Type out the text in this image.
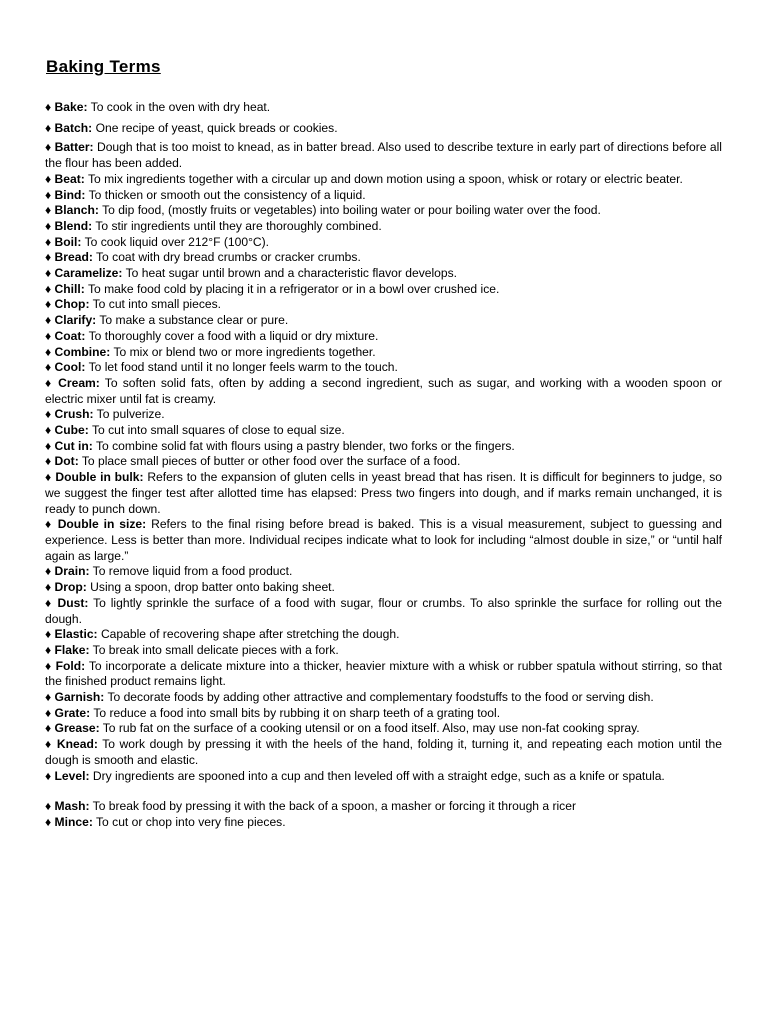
Baking Terms

♦ Bake: To cook in the oven with dry heat.

♦ Batch: One recipe of yeast, quick breads or cookies.

♦ Batter: Dough that is too moist to knead, as in batter bread. Also used to describe texture in early part of directions before all the flour has been added.

♦ Beat: To mix ingredients together with a circular up and down motion using a spoon, whisk or rotary or electric beater.

♦ Bind: To thicken or smooth out the consistency of a liquid.

♦ Blanch: To dip food, (mostly fruits or vegetables) into boiling water or pour boiling water over the food.

♦ Blend: To stir ingredients until they are thoroughly combined.

♦ Boil: To cook liquid over 212°F (100°C).

♦ Bread: To coat with dry bread crumbs or cracker crumbs.

♦ Caramelize: To heat sugar until brown and a characteristic flavor develops.

♦ Chill: To make food cold by placing it in a refrigerator or in a bowl over crushed ice.

♦ Chop: To cut into small pieces.

♦ Clarify: To make a substance clear or pure.

♦ Coat: To thoroughly cover a food with a liquid or dry mixture.

♦ Combine: To mix or blend two or more ingredients together.

♦ Cool: To let food stand until it no longer feels warm to the touch.

♦ Cream: To soften solid fats, often by adding a second ingredient, such as sugar, and working with a wooden spoon or electric mixer until fat is creamy.

♦ Crush: To pulverize.

♦ Cube: To cut into small squares of close to equal size.

♦ Cut in: To combine solid fat with flours using a pastry blender, two forks or the fingers.

♦ Dot: To place small pieces of butter or other food over the surface of a food.

♦ Double in bulk: Refers to the expansion of gluten cells in yeast bread that has risen. It is difficult for beginners to judge, so we suggest the finger test after allotted time has elapsed: Press two fingers into dough, and if marks remain unchanged, it is ready to punch down.

♦ Double in size: Refers to the final rising before bread is baked. This is a visual measurement, subject to guessing and experience. Less is better than more. Individual recipes indicate what to look for including “almost double in size,” or “until half again as large.”

♦ Drain: To remove liquid from a food product.

♦ Drop: Using a spoon, drop batter onto baking sheet.

♦ Dust: To lightly sprinkle the surface of a food with sugar, flour or crumbs. To also sprinkle the surface for rolling out the dough.

♦ Elastic: Capable of recovering shape after stretching the dough.

♦ Flake: To break into small delicate pieces with a fork.

♦ Fold: To incorporate a delicate mixture into a thicker, heavier mixture with a whisk or rubber spatula without stirring, so that the finished product remains light.

♦ Garnish: To decorate foods by adding other attractive and complementary foodstuffs to the food or serving dish.

♦ Grate: To reduce a food into small bits by rubbing it on sharp teeth of a grating tool.

♦ Grease: To rub fat on the surface of a cooking utensil or on a food itself. Also, may use non-fat cooking spray.

♦ Knead: To work dough by pressing it with the heels of the hand, folding it, turning it, and repeating each motion until the dough is smooth and elastic.

♦ Level: Dry ingredients are spooned into a cup and then leveled off with a straight edge, such as a knife or spatula.

♦ Mash: To break food by pressing it with the back of a spoon, a masher or forcing it through a ricer

♦ Mince: To cut or chop into very fine pieces.
